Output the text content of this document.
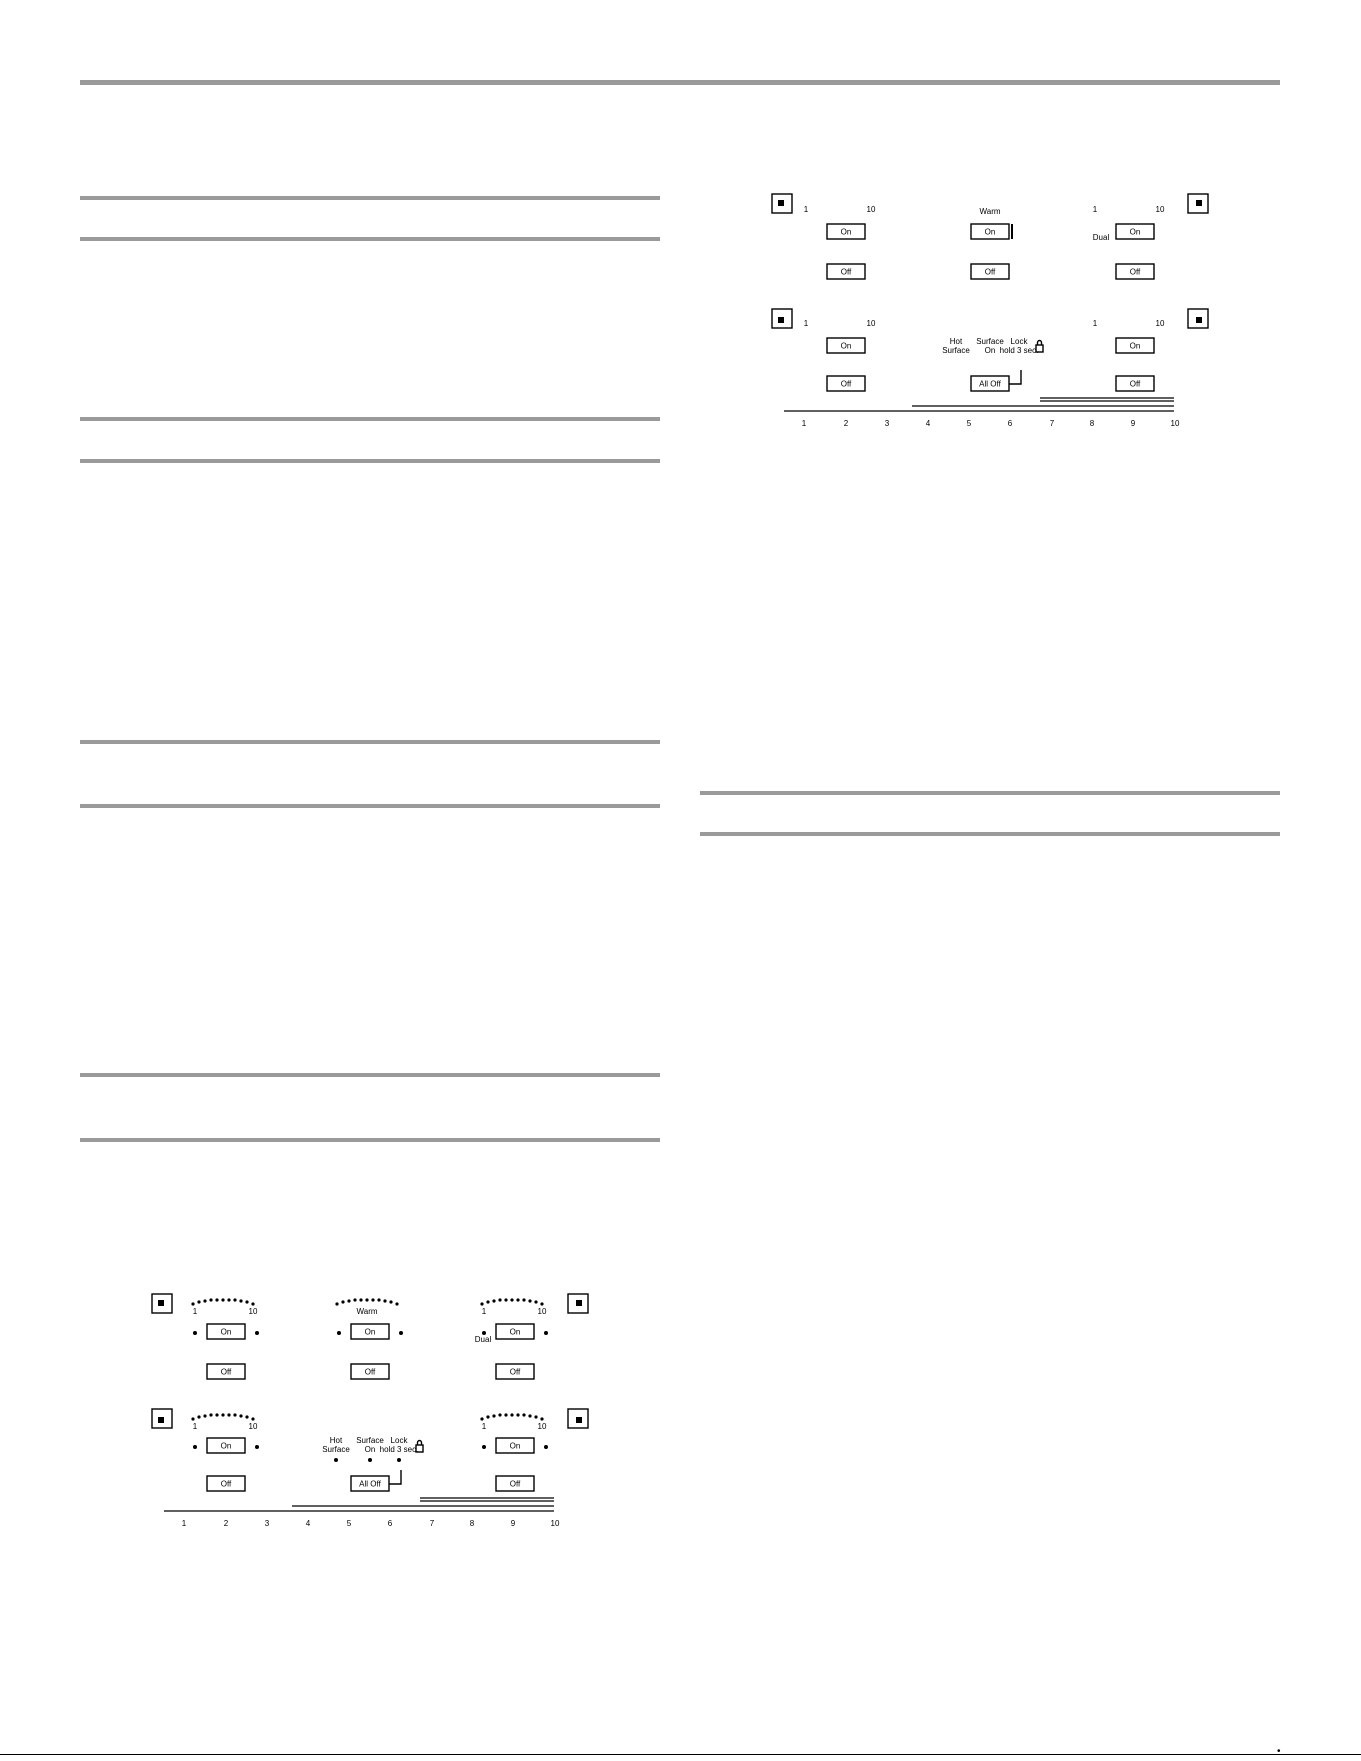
1	10	Warm	1	10
Dual
On	On	On
Off	Off	Off
1	10	1	10
On	On
Off	All Off	Off
Hot
Surface
Surface
On
Lock
hold 3 sec.
1	2	3	4	5	6	7	8	9	10
1	10	Warm	1	10
Dual
On	On	On
Off	Off	Off
1	10	1	10
On	On
Off	All Off	Off
Hot
Surface
Surface
On
Lock
hold 3 sec.
1	2	3	4	5	6	7	8	9	10
•
